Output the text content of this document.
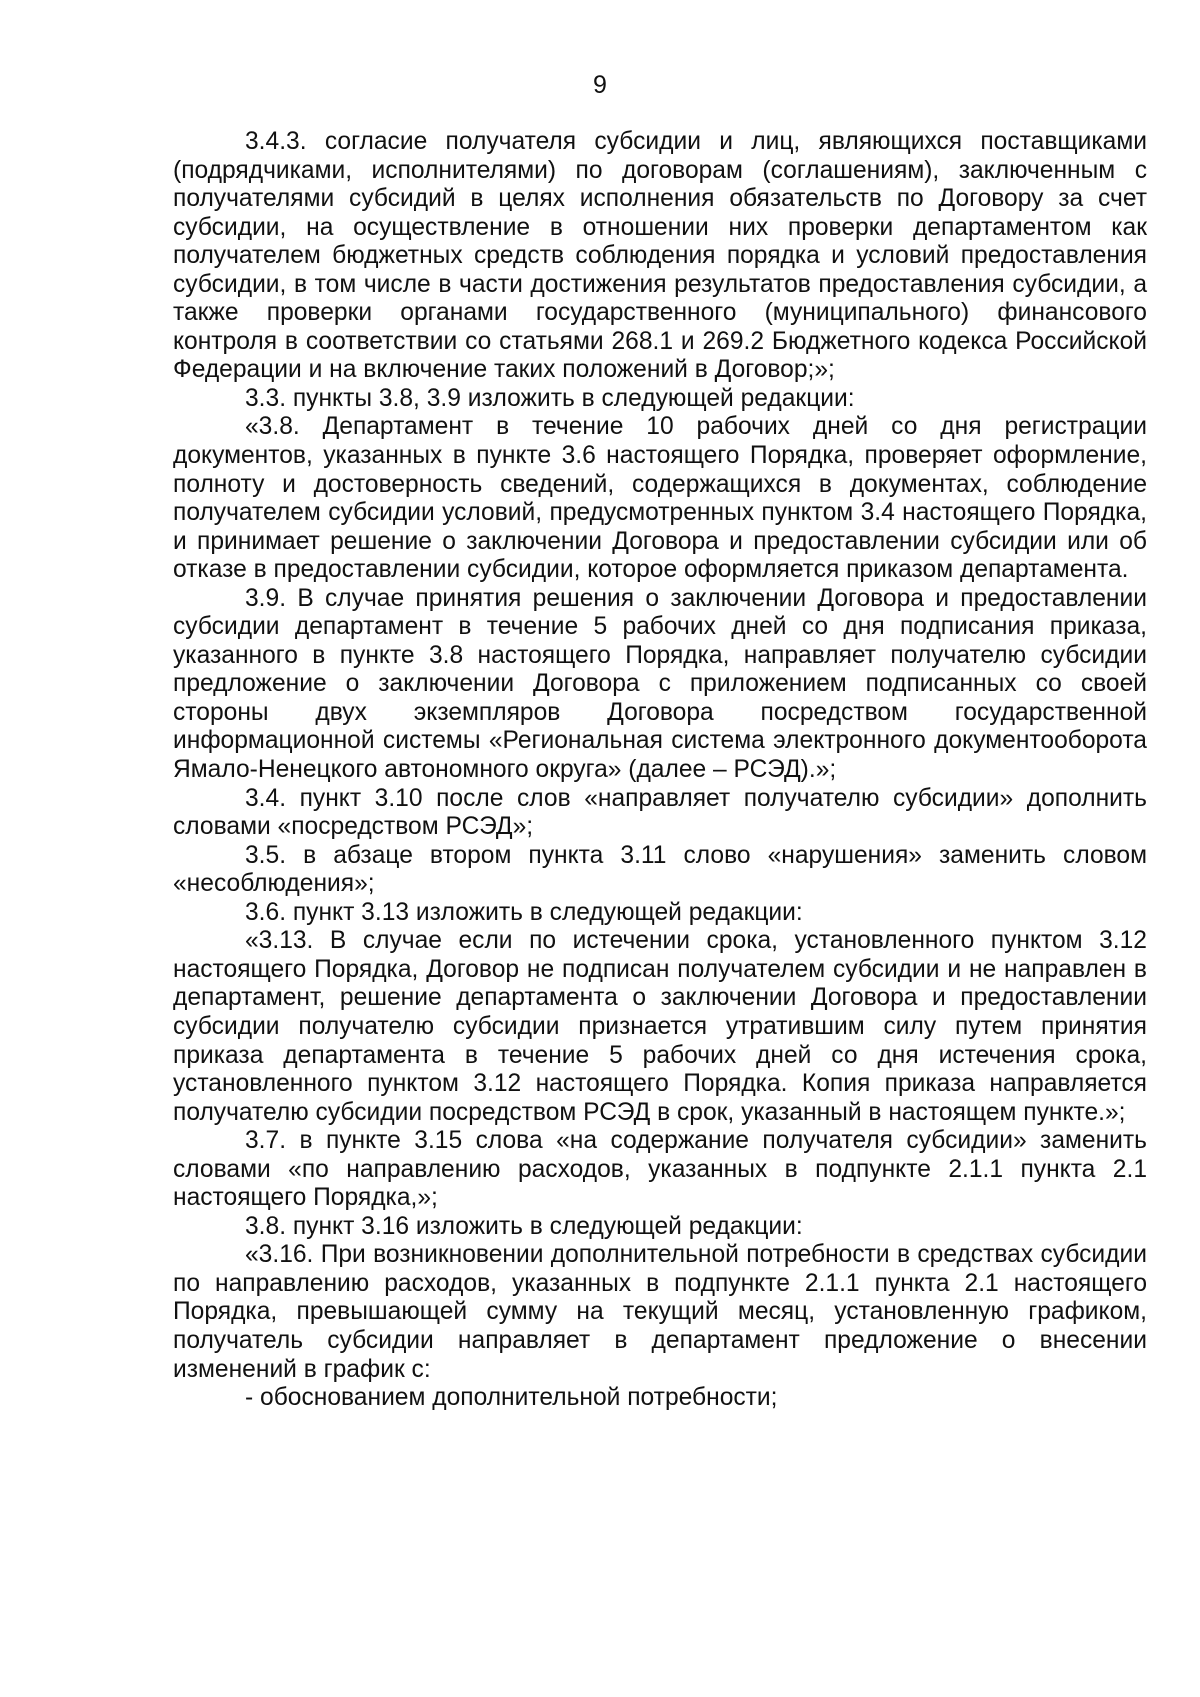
9

3.4.3. согласие получателя субсидии и лиц, являющихся поставщиками (подрядчиками, исполнителями) по договорам (соглашениям), заключенным с получателями субсидий в целях исполнения обязательств по Договору за счет субсидии, на осуществление в отношении них проверки департаментом как получателем бюджетных средств соблюдения порядка и условий предоставления субсидии, в том числе в части достижения результатов предоставления субсидии, а также проверки органами государственного (муниципального) финансового контроля в соответствии со статьями 268.1 и 269.2 Бюджетного кодекса Российской Федерации и на включение таких положений в Договор;»;

3.3. пункты 3.8, 3.9 изложить в следующей редакции:

«3.8. Департамент в течение 10 рабочих дней со дня регистрации документов, указанных в пункте 3.6 настоящего Порядка, проверяет оформление, полноту и достоверность сведений, содержащихся в документах, соблюдение получателем субсидии условий, предусмотренных пунктом 3.4 настоящего Порядка, и принимает решение о заключении Договора и предоставлении субсидии или об отказе в предоставлении субсидии, которое оформляется приказом департамента.

3.9. В случае принятия решения о заключении Договора и предоставлении субсидии департамент в течение 5 рабочих дней со дня подписания приказа, указанного в пункте 3.8 настоящего Порядка, направляет получателю субсидии предложение о заключении Договора с приложением подписанных со своей стороны двух экземпляров Договора посредством государственной информационной системы «Региональная система электронного документооборота Ямало-Ненецкого автономного округа» (далее – РСЭД).»;

3.4. пункт 3.10 после слов «направляет получателю субсидии» дополнить словами «посредством РСЭД»;

3.5. в абзаце втором пункта 3.11 слово «нарушения» заменить словом «несоблюдения»;

3.6. пункт 3.13 изложить в следующей редакции:

«3.13. В случае если по истечении срока, установленного пунктом 3.12 настоящего Порядка, Договор не подписан получателем субсидии и не направлен в департамент, решение департамента о заключении Договора и предоставлении субсидии получателю субсидии признается утратившим силу путем принятия приказа департамента в течение 5 рабочих дней со дня истечения срока, установленного пунктом 3.12 настоящего Порядка. Копия приказа направляется получателю субсидии посредством РСЭД в срок, указанный в настоящем пункте.»;

3.7. в пункте 3.15 слова «на содержание получателя субсидии» заменить словами «по направлению расходов, указанных в подпункте 2.1.1 пункта 2.1 настоящего Порядка,»;

3.8. пункт 3.16 изложить в следующей редакции:

«3.16. При возникновении дополнительной потребности в средствах субсидии по направлению расходов, указанных в подпункте 2.1.1 пункта 2.1 настоящего Порядка, превышающей сумму на текущий месяц, установленную графиком, получатель субсидии направляет в департамент предложение о внесении изменений в график с:

- обоснованием дополнительной потребности;
